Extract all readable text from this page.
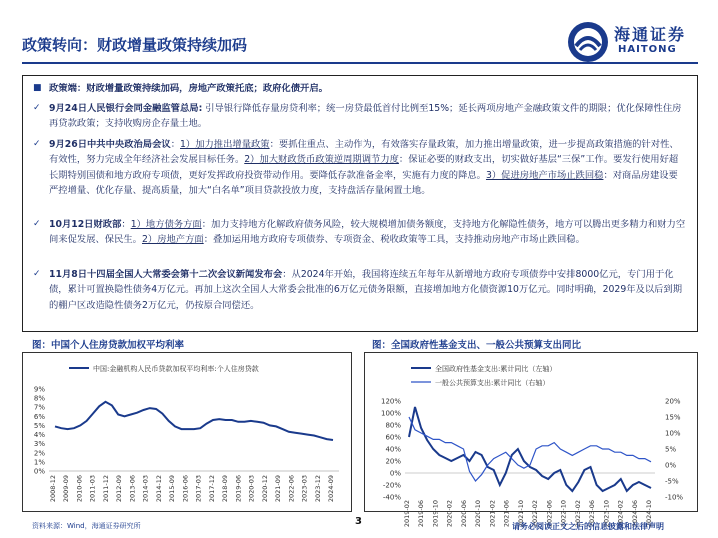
政策转向：财政增量政策持续加码
海通证券
HAITONG
■ 政策端：财政增量政策持续加码，房地产政策托底；政府化债开启。
✓ 9月24日人民银行会同金融监管总局: 引导银行降低存量房贷利率；统一房贷最低首付比例至15%；延长两项房地产金融政策文件的期限；优化保障性住房再贷款政策；支持收购房企存量土地。
✓ 9月26日中共中央政治局会议：1）加力推出增量政策：要抓住重点、主动作为，有效落实存量政策，加力推出增量政策，进一步提高政策措施的针对性、有效性，努力完成全年经济社会发展目标任务。2）加大财政货币政策逆周期调节力度：保证必要的财政支出，切实做好基层“三保”工作。要发行使用好超长期特别国债和地方政府专项债，更好发挥政府投资带动作用。要降低存款准备金率，实施有力度的降息。3）促进房地产市场止跌回稳：对商品房建设要严控增量、优化存量、提高质量，加大“白名单”项目贷款投放力度，支持盘活存量闲置土地。
✓ 10月12日财政部：1）地方债务方面：加力支持地方化解政府债务风险，较大规模增加债务额度，支持地方化解隐性债务，地方可以腾出更多精力和财力空间来促发展、保民生。2）房地产方面：叠加运用地方政府专项债券、专项资金、税收政策等工具，支持推动房地产市场止跌回稳。
✓ 11月8日十四届全国人大常委会第十二次会议新闻发布会：从2024年开始，我国将连续五年每年从新增地方政府专项债券中安排8000亿元，专门用于化债，累计可置换隐性债务4万亿元。再加上这次全国人大常委会批准的6万亿元债务限额，直接增加地方化债资源10万亿元。同时明确，2029年及以后到期的棚户区改造隐性债务2万亿元，仍按原合同偿还。
图：中国个人住房贷款加权平均利率	图：全国政府性基金支出、一般公共预算支出同比
中国:金融机构人民币贷款加权平均利率:个人住房贷款
9%
8%
7%
6%
5%
4%
3%
2%
1%
0%
2008-12 2009-09 2010-06 2011-03 2011-12 2012-09 2013-06 2014-03 2014-12 2015-09 2016-06 2017-03 2017-12 2018-09 2019-06 2020-03 2020-12 2021-09 2022-06 2023-03 2023-12 2024-09
全国政府性基金支出:累计同比（左轴）
一般公共预算支出:累计同比（右轴）
120%
100%
80%
60%
40%
20%
0%
-20%
-40%
20%
15%
10%
5%
0%
-5%
-10%
2019-02 2019-06 2019-10 2020-02 2020-06 2020-10 2021-02 2021-06 2021-10 2022-02 2022-06 2022-10 2023-02 2023-06 2023-10 2024-02 2024-06 2024-10
资料来源：Wind，海通证券研究所	3	请务必阅读正文之后的信息披露和法律声明
